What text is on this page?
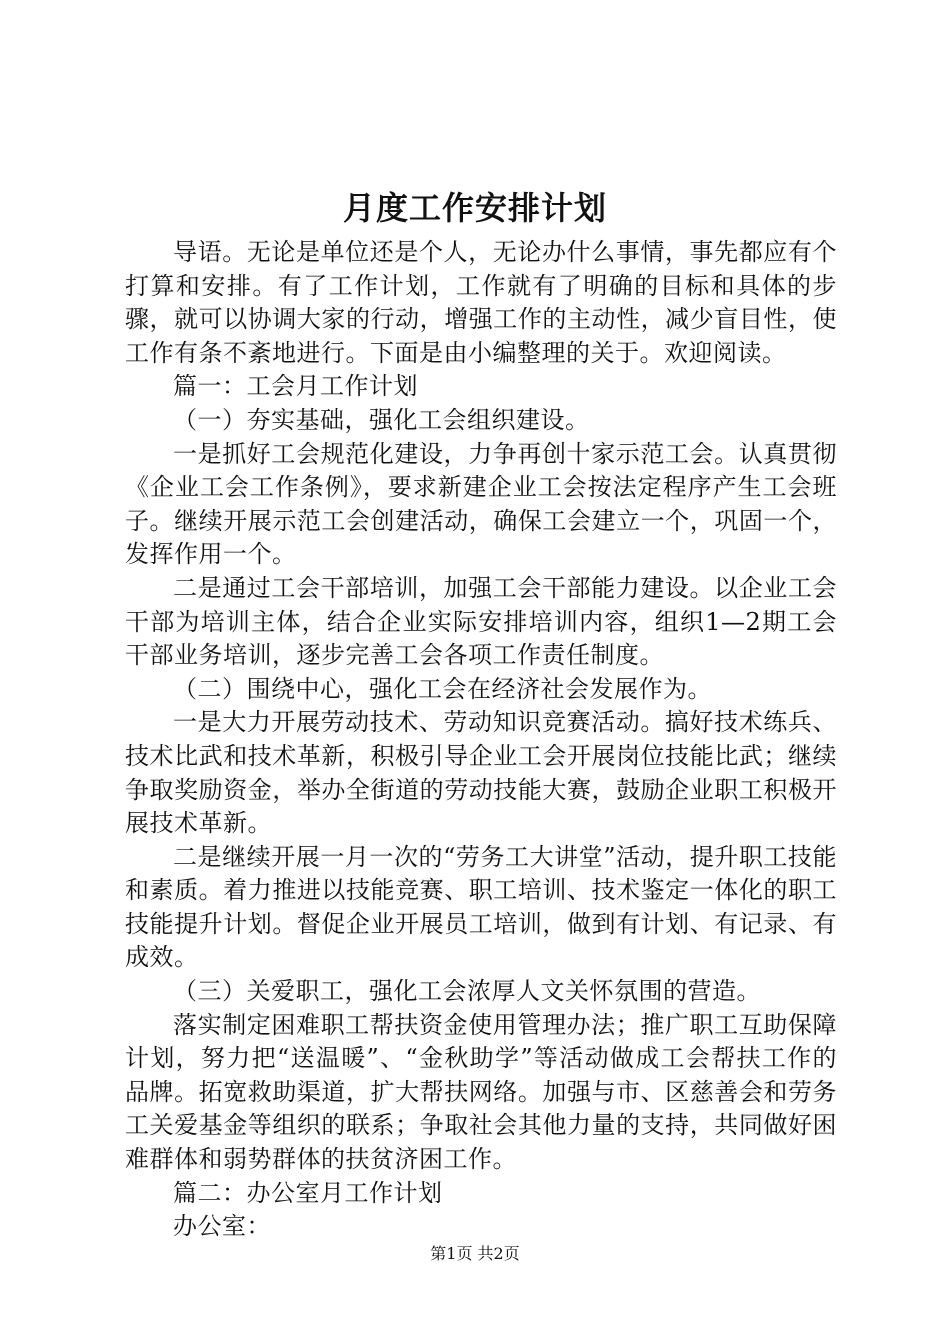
月度工作安排计划

导语。无论是单位还是个人，无论办什么事情，事先都应有个打算和安排。有了工作计划，工作就有了明确的目标和具体的步骤，就可以协调大家的行动，增强工作的主动性，减少盲目性，使工作有条不紊地进行。下面是由小编整理的关于。欢迎阅读。

篇一：工会月工作计划

（一）夯实基础，强化工会组织建设。

一是抓好工会规范化建设，力争再创十家示范工会。认真贯彻《企业工会工作条例》，要求新建企业工会按法定程序产生工会班子。继续开展示范工会创建活动，确保工会建立一个，巩固一个，发挥作用一个。

二是通过工会干部培训，加强工会干部能力建设。以企业工会干部为培训主体，结合企业实际安排培训内容，组织1—2期工会干部业务培训，逐步完善工会各项工作责任制度。

（二）围绕中心，强化工会在经济社会发展作为。

一是大力开展劳动技术、劳动知识竞赛活动。搞好技术练兵、技术比武和技术革新，积极引导企业工会开展岗位技能比武；继续争取奖励资金，举办全街道的劳动技能大赛，鼓励企业职工积极开展技术革新。

二是继续开展一月一次的“劳务工大讲堂”活动，提升职工技能和素质。着力推进以技能竞赛、职工培训、技术鉴定一体化的职工技能提升计划。督促企业开展员工培训，做到有计划、有记录、有成效。

（三）关爱职工，强化工会浓厚人文关怀氛围的营造。

落实制定困难职工帮扶资金使用管理办法；推广职工互助保障计划，努力把“送温暖”、“金秋助学”等活动做成工会帮扶工作的品牌。拓宽救助渠道，扩大帮扶网络。加强与市、区慈善会和劳务工关爱基金等组织的联系；争取社会其他力量的支持，共同做好困难群体和弱势群体的扶贫济困工作。

篇二：办公室月工作计划

办公室：

第1页 共2页
